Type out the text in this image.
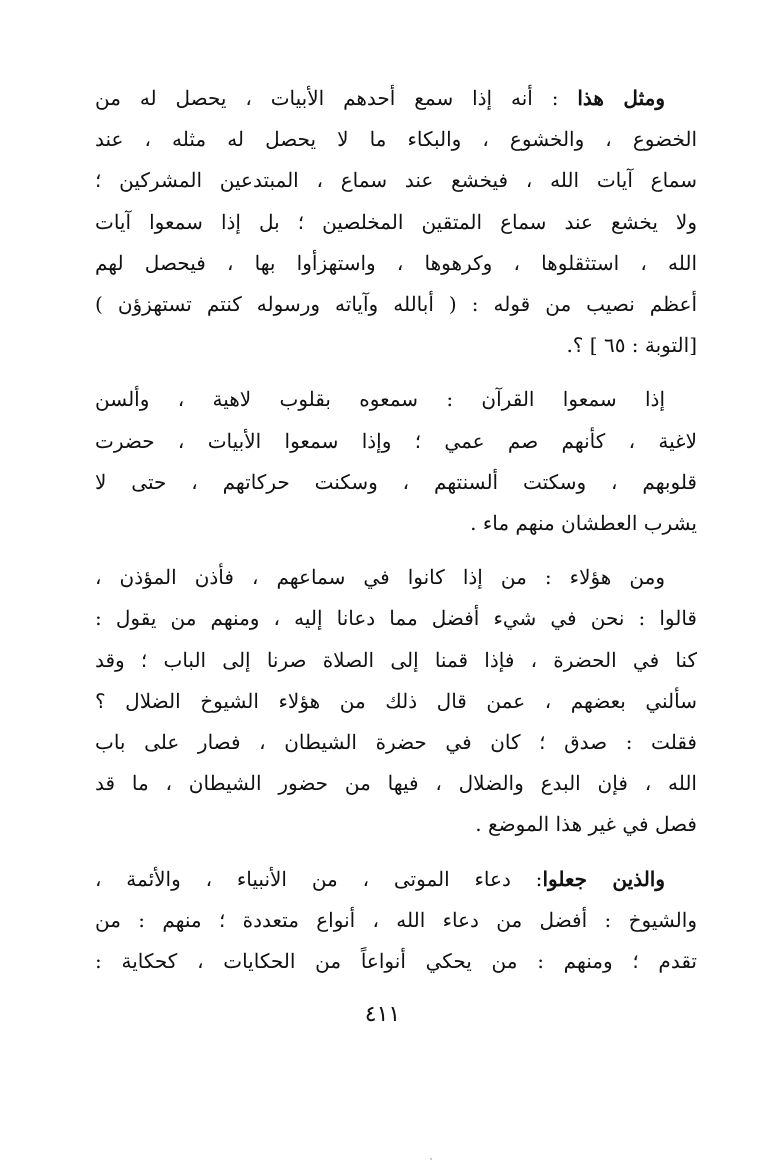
ومثل هذا : أنه إذا سمع أحدهم الأبيات ، يحصل له من
الخضوع ، والخشوع ، والبكاء ما لا يحصل له مثله ، عند
سماع آيات الله ، فيخشع عند سماع ، المبتدعين المشركين ؛
ولا يخشع عند سماع المتقين المخلصين ؛ بل إذا سمعوا آيات
الله ، استثقلوها ، وكرهوها ، واستهزأوا بها ، فيحصل لهم
أعظم نصيب من قوله : ( أبالله وآياته ورسوله كنتم تستهزؤن )
[التوبة : ٦٥ ] ؟.

إذا سمعوا القرآن : سمعوه بقلوب لاهية ، وألسن
لاغية ، كأنهم صم عمي ؛ وإذا سمعوا الأبيات ، حضرت
قلوبهم ، وسكتت ألسنتهم ، وسكنت حركاتهم ، حتى لا
يشرب العطشان منهم ماء .

ومن هؤلاء : من إذا كانوا في سماعهم ، فأذن المؤذن ،
قالوا : نحن في شيء أفضل مما دعانا إليه ، ومنهم من يقول :
كنا في الحضرة ، فإذا قمنا إلى الصلاة صرنا إلى الباب ؛ وقد
سألني بعضهم ، عمن قال ذلك من هؤلاء الشيوخ الضلال ؟
فقلت : صدق ؛ كان في حضرة الشيطان ، فصار على باب
الله ، فإن البدع والضلال ، فيها من حضور الشيطان ، ما قد
فصل في غير هذا الموضع .

والذين جعلوا: دعاء الموتى ، من الأنبياء ، والأئمة ،
والشيوخ : أفضل من دعاء الله ، أنواع متعددة ؛ منهم : من
تقدم ؛ ومنهم : من يحكي أنواعاً من الحكايات ، كحكاية :

٤١١
